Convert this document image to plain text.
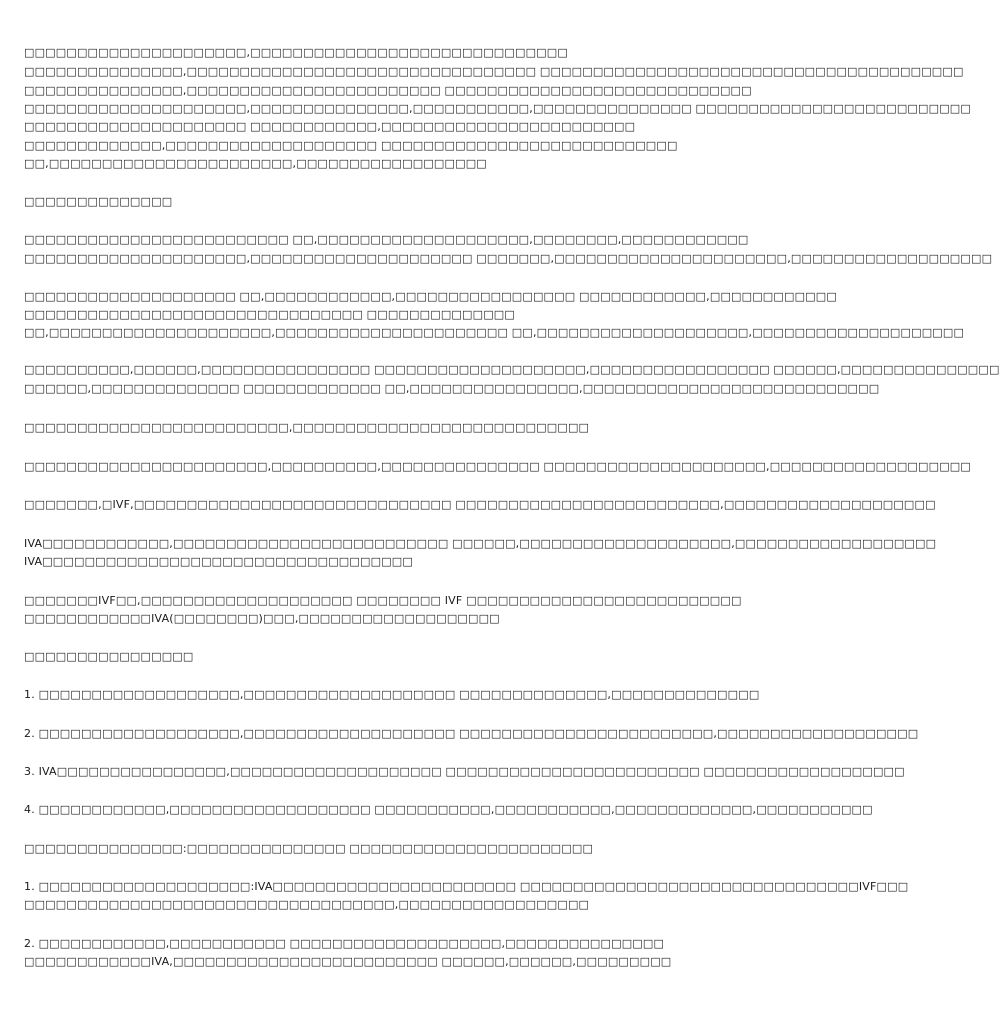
□□□□□□□□□□□□□□□□□□□□□,□□□□□□□□□□□□□□□□□□□□□□□□□□□□□□
□□□□□□□□□□□□□□□,□□□□□□□□□□□□□□□□□□□□□□□□□□□□□□□□□ □□□□□□□□□□□□□□□□□□□□□□□□□□□□□□□□□□□□□□□□
□□□□□□□□□□□□□□□,□□□□□□□□□□□□□□□□□□□□□□□□ □□□□□□□□□□□□□□□□□□□□□□□□□□□□□
□□□□□□□□□□□□□□□□□□□□□,□□□□□□□□□□□□□□□,□□□□□□□□□□□,□□□□□□□□□□□□□□□ □□□□□□□□□□□□□□□□□□□□□□□□□□
□□□□□□□□□□□□□□□□□□□□□ □□□□□□□□□□□□,□□□□□□□□□□□□□□□□□□□□□□□□
□□□□□□□□□□□□□,□□□□□□□□□□□□□□□□□□□□ □□□□□□□□□□□□□□□□□□□□□□□□□□□□
□□,□□□□□□□□□□□□□□□□□□□□□□□,□□□□□□□□□□□□□□□□□□
□□□□□□□□□□□□□□
□□□□□□□□□□□□□□□□□□□□□□□□□ □□,□□□□□□□□□□□□□□□□□□□□,□□□□□□□□,□□□□□□□□□□□□
□□□□□□□□□□□□□□□□□□□□□,□□□□□□□□□□□□□□□□□□□□□ □□□□□□□,□□□□□□□□□□□□□□□□□□□□□□,□□□□□□□□□□□□□□□□□□□
□□□□□□□□□□□□□□□□□□□□ □□,□□□□□□□□□□□□,□□□□□□□□□□□□□□□□□ □□□□□□□□□□□□,□□□□□□□□□□□□
□□□□□□□□□□□□□□□□□□□□□□□□□□□□□□□□ □□□□□□□□□□□□□□
□□,□□□□□□□□□□□□□□□□□□□□□,□□□□□□□□□□□□□□□□□□□□□□ □□,□□□□□□□□□□□□□□□□□□□□,□□□□□□□□□□□□□□□□□□□□
□□□□□□□□□□,□□□□□□,□□□□□□□□□□□□□□□□ □□□□□□□□□□□□□□□□□□□□,□□□□□□□□□□□□□□□□□ □□□□□□,□□□□□□□□□□□□□□□
□□□□□□,□□□□□□□□□□□□□□ □□□□□□□□□□□□□ □□,□□□□□□□□□□□□□□□□,□□□□□□□□□□□□□□□□□□□□□□□□□□□□
□□□□□□□□□□□□□□□□□□□□□□□□□,□□□□□□□□□□□□□□□□□□□□□□□□□□□□
□□□□□□□□□□□□□□□□□□□□□□□,□□□□□□□□□□,□□□□□□□□□□□□□□□ □□□□□□□□□□□□□□□□□□□□□,□□□□□□□□□□□□□□□□□□□
□□□□□□□,□IVF,□□□□□□□□□□□□□□□□□□□□□□□□□□□□□□ □□□□□□□□□□□□□□□□□□□□□□□□□,□□□□□□□□□□□□□□□□□□□□
IVA□□□□□□□□□□□□,□□□□□□□□□□□□□□□□□□□□□□□□□□ □□□□□□,□□□□□□□□□□□□□□□□□□□□,□□□□□□□□□□□□□□□□□□□
IVA□□□□□□□□□□□□□□□□□□□□□□□□□□□□□□□□□□□
□□□□□□□IVF□□,□□□□□□□□□□□□□□□□□□□□ □□□□□□□□ IVF □□□□□□□□□□□□□□□□□□□□□□□□□□
□□□□□□□□□□□□IVA(□□□□□□□□)□□□,□□□□□□□□□□□□□□□□□□□
□□□□□□□□□□□□□□□□
1. □□□□□□□□□□□□□□□□□□□,□□□□□□□□□□□□□□□□□□□□ □□□□□□□□□□□□□□,□□□□□□□□□□□□□□
2. □□□□□□□□□□□□□□□□□□□,□□□□□□□□□□□□□□□□□□□□ □□□□□□□□□□□□□□□□□□□□□□□□,□□□□□□□□□□□□□□□□□□□
3. IVA□□□□□□□□□□□□□□□□,□□□□□□□□□□□□□□□□□□□□ □□□□□□□□□□□□□□□□□□□□□□□□ □□□□□□□□□□□□□□□□□□□
4. □□□□□□□□□□□□,□□□□□□□□□□□□□□□□□□□ □□□□□□□□□□□,□□□□□□□□□□□,□□□□□□□□□□□□□,□□□□□□□□□□□
□□□□□□□□□□□□□□□:□□□□□□□□□□□□□□□ □□□□□□□□□□□□□□□□□□□□□□□
1. □□□□□□□□□□□□□□□□□□□□:IVA□□□□□□□□□□□□□□□□□□□□□□□ □□□□□□□□□□□□□□□□□□□□□□□□□□□□□□□□IVF□□□
□□□□□□□□□□□□□□□□□□□□□□□□□□□□□□□□□□□,□□□□□□□□□□□□□□□□□□
2. □□□□□□□□□□□□,□□□□□□□□□□□ □□□□□□□□□□□□□□□□□□□□,□□□□□□□□□□□□□□□
□□□□□□□□□□□□IVA,□□□□□□□□□□□□□□□□□□□□□□□□□ □□□□□□,□□□□□□,□□□□□□□□□
